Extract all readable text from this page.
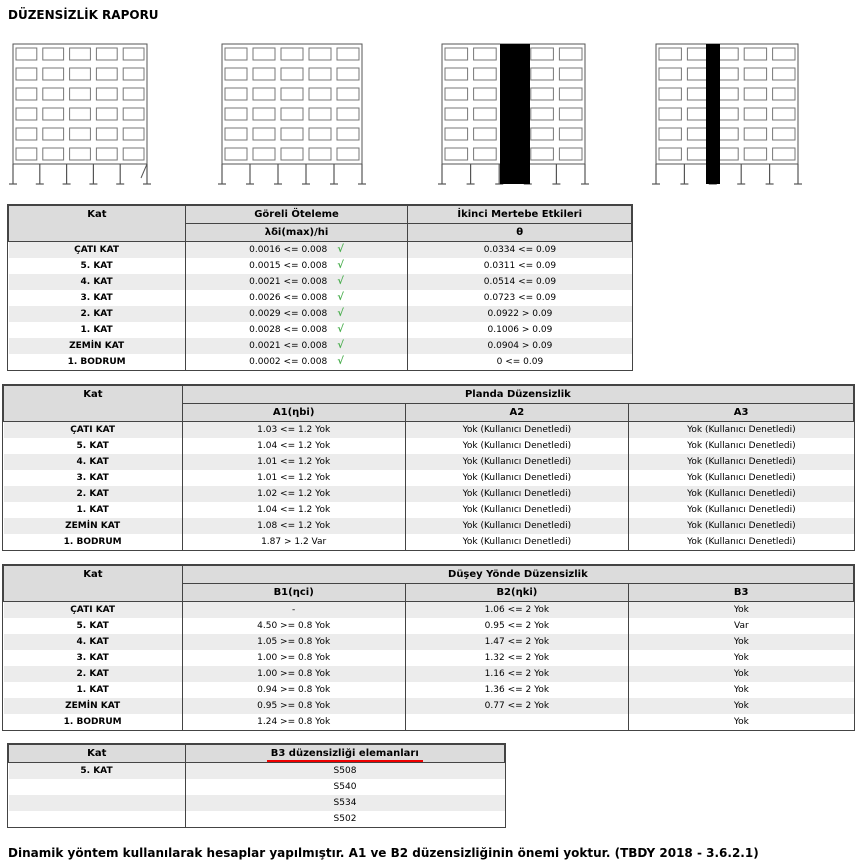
DÜZENSİZLİK RAPORU
Kat	Göreli Öteleme	İkinci Mertebe Etkileri
	λδi(max)/hi	θ
ÇATI KAT	0.0016 <= 0.008 √	0.0334 <= 0.09
5. KAT	0.0015 <= 0.008 √	0.0311 <= 0.09
4. KAT	0.0021 <= 0.008 √	0.0514 <= 0.09
3. KAT	0.0026 <= 0.008 √	0.0723 <= 0.09
2. KAT	0.0029 <= 0.008 √	0.0922 > 0.09
1. KAT	0.0028 <= 0.008 √	0.1006 > 0.09
ZEMİN KAT	0.0021 <= 0.008 √	0.0904 > 0.09
1. BODRUM	0.0002 <= 0.008 √	0 <= 0.09
Kat	Planda Düzensizlik		
	A1(ηbi)	A2	A3
ÇATI KAT	1.03 <= 1.2 Yok	Yok (Kullanıcı Denetledi)	Yok (Kullanıcı Denetledi)
5. KAT	1.04 <= 1.2 Yok	Yok (Kullanıcı Denetledi)	Yok (Kullanıcı Denetledi)
4. KAT	1.01 <= 1.2 Yok	Yok (Kullanıcı Denetledi)	Yok (Kullanıcı Denetledi)
3. KAT	1.01 <= 1.2 Yok	Yok (Kullanıcı Denetledi)	Yok (Kullanıcı Denetledi)
2. KAT	1.02 <= 1.2 Yok	Yok (Kullanıcı Denetledi)	Yok (Kullanıcı Denetledi)
1. KAT	1.04 <= 1.2 Yok	Yok (Kullanıcı Denetledi)	Yok (Kullanıcı Denetledi)
ZEMİN KAT	1.08 <= 1.2 Yok	Yok (Kullanıcı Denetledi)	Yok (Kullanıcı Denetledi)
1. BODRUM	1.87 > 1.2 Var	Yok (Kullanıcı Denetledi)	Yok (Kullanıcı Denetledi)
Kat	Düşey Yönde Düzensizlik		
	B1(ηci)	B2(ηki)	B3
ÇATI KAT	-	1.06 <= 2 Yok	Yok
5. KAT	4.50 >= 0.8 Yok	0.95 <= 2 Yok	Var
4. KAT	1.05 >= 0.8 Yok	1.47 <= 2 Yok	Yok
3. KAT	1.00 >= 0.8 Yok	1.32 <= 2 Yok	Yok
2. KAT	1.00 >= 0.8 Yok	1.16 <= 2 Yok	Yok
1. KAT	0.94 >= 0.8 Yok	1.36 <= 2 Yok	Yok
ZEMİN KAT	0.95 >= 0.8 Yok	0.77 <= 2 Yok	Yok
1. BODRUM	1.24 >= 0.8 Yok		Yok
Kat	B3 düzensizliği elemanları

5. KAT	S508
	S540
	S534
	S502
Dinamik yöntem kullanılarak hesaplar yapılmıştır. A1 ve B2 düzensizliğinin önemi yoktur. (TBDY 2018 - 3.6.2.1)
